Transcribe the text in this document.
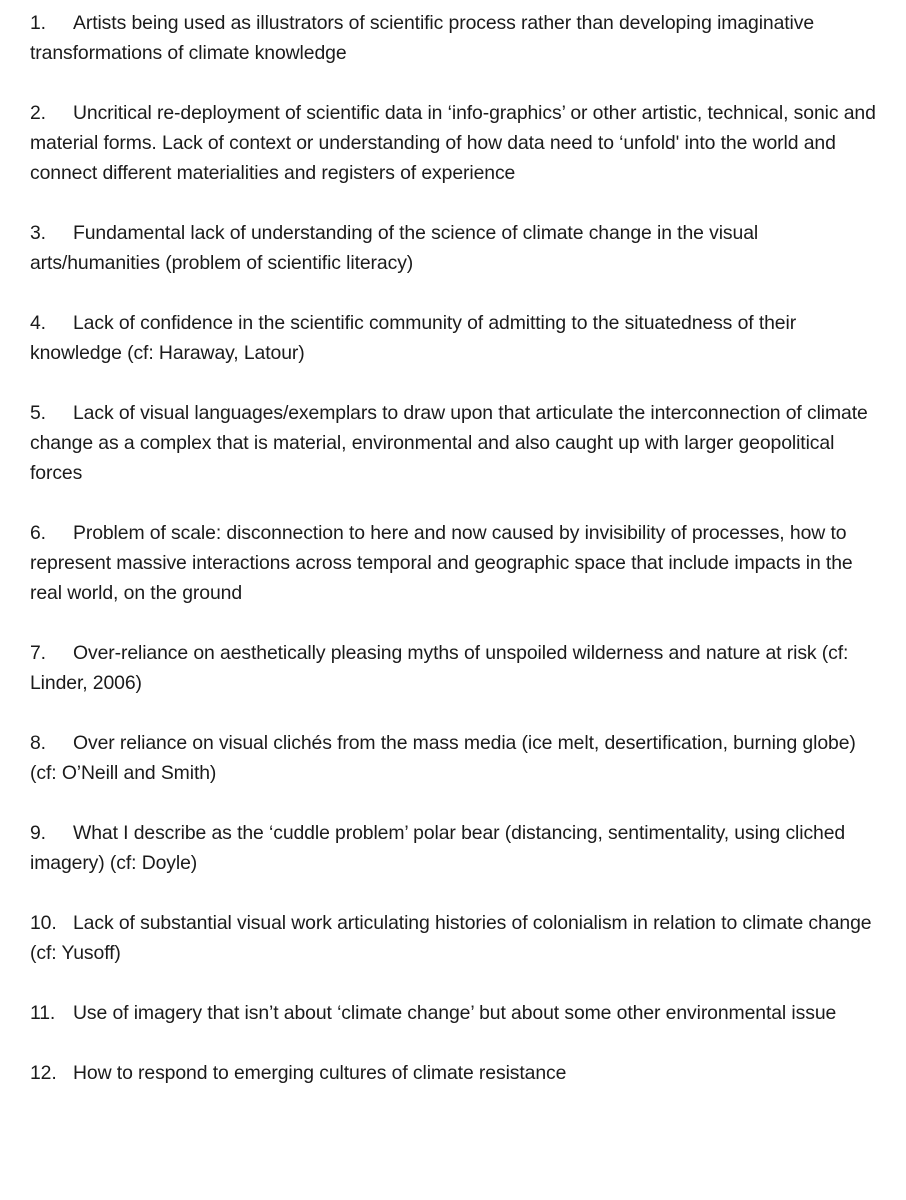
1. Artists being used as illustrators of scientific process rather than developing imaginative transformations of climate knowledge
2. Uncritical re-deployment of scientific data in ‘info-graphics’ or other artistic, technical, sonic and material forms. Lack of context or understanding of how data need to ‘unfold' into the world and connect different materialities and registers of experience
3. Fundamental lack of understanding of the science of climate change in the visual arts/humanities (problem of scientific literacy)
4. Lack of confidence in the scientific community of admitting to the situatedness of their knowledge (cf: Haraway, Latour)
5. Lack of visual languages/exemplars to draw upon that articulate the interconnection of climate change as a complex that is material, environmental and also caught up with larger geopolitical forces
6. Problem of scale: disconnection to here and now caused by invisibility of processes, how to represent massive interactions across temporal and geographic space that include impacts in the real world, on the ground
7. Over-reliance on aesthetically pleasing myths of unspoiled wilderness and nature at risk (cf: Linder, 2006)
8. Over reliance on visual clichés from the mass media (ice melt, desertification, burning globe) (cf: O’Neill and Smith)
9. What I describe as the ‘cuddle problem’ polar bear (distancing, sentimentality, using cliched imagery) (cf: Doyle)
10. Lack of substantial visual work articulating histories of colonialism in relation to climate change (cf: Yusoff)
11. Use of imagery that isn’t about ‘climate change’ but about some other environmental issue
12. How to respond to emerging cultures of climate resistance
